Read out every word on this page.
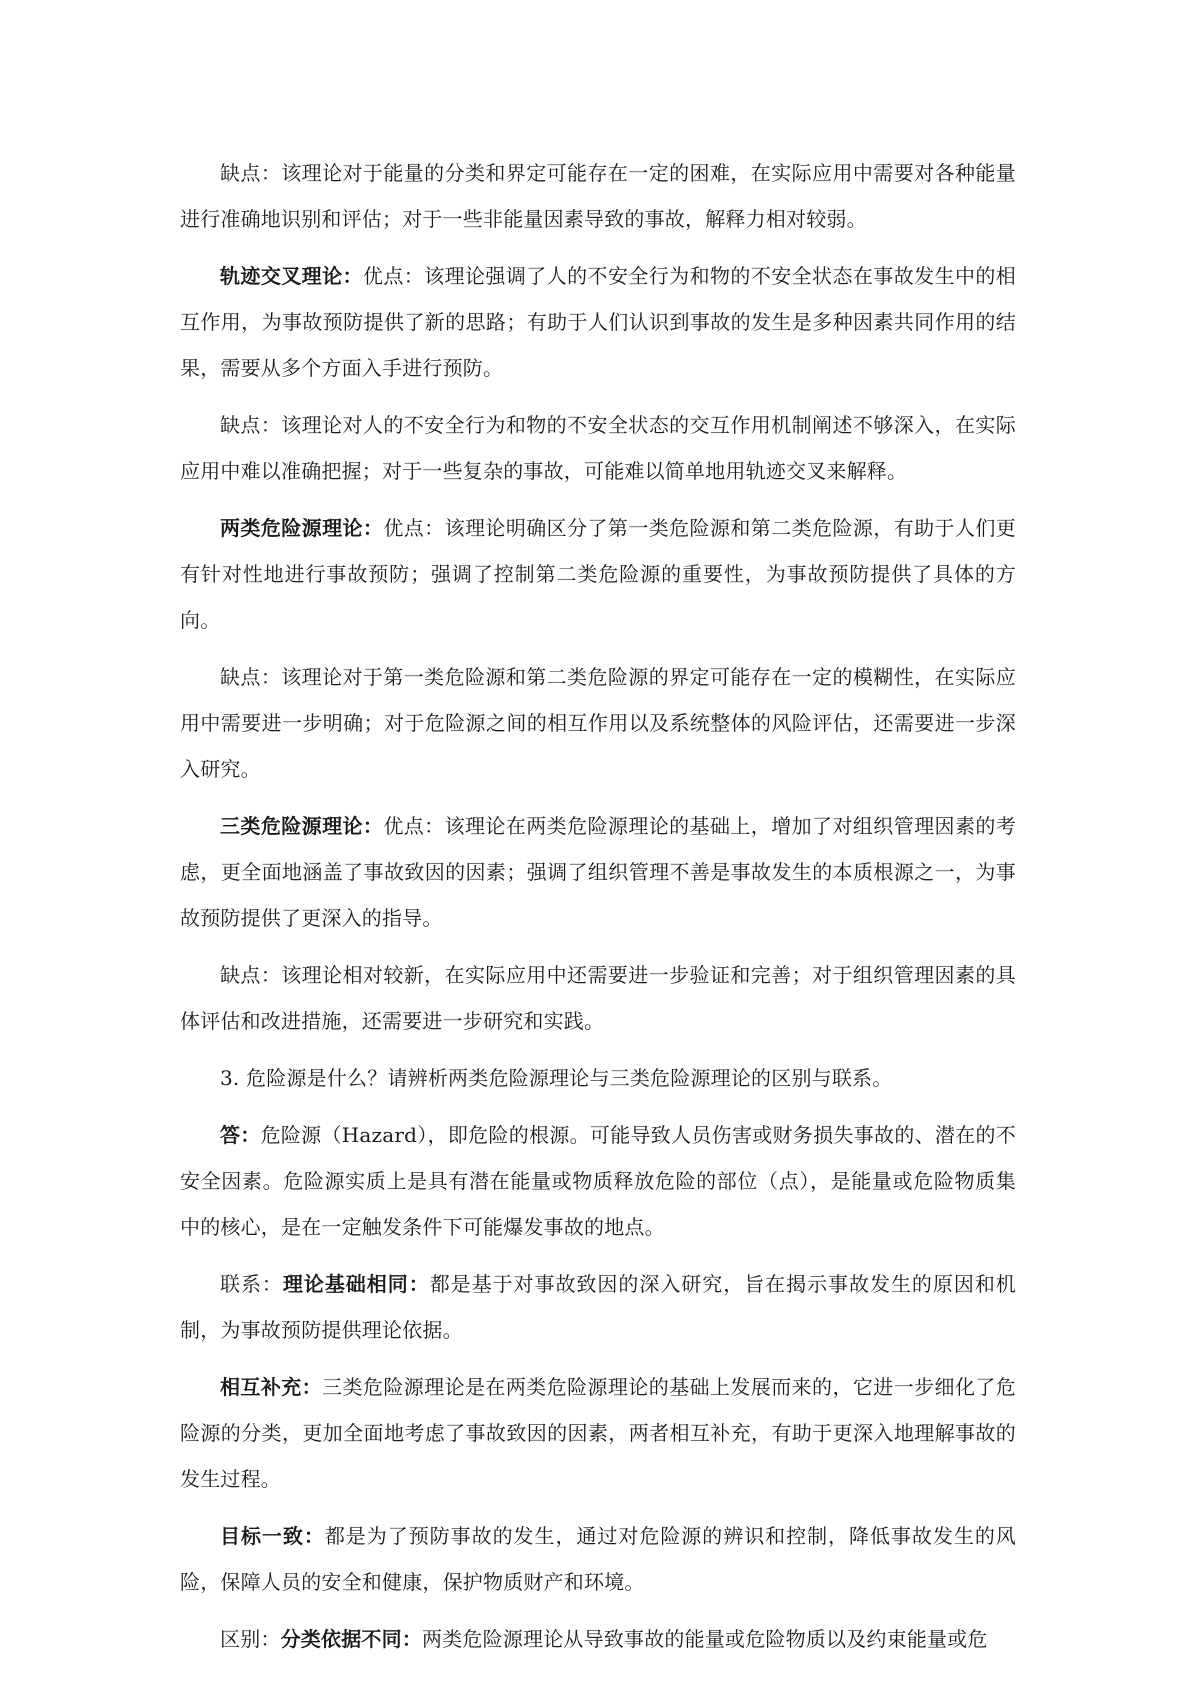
缺点：该理论对于能量的分类和界定可能存在一定的困难，在实际应用中需要对各种能量进行准确地识别和评估；对于一些非能量因素导致的事故，解释力相对较弱。

轨迹交叉理论：优点：该理论强调了人的不安全行为和物的不安全状态在事故发生中的相互作用，为事故预防提供了新的思路；有助于人们认识到事故的发生是多种因素共同作用的结果，需要从多个方面入手进行预防。

缺点：该理论对人的不安全行为和物的不安全状态的交互作用机制阐述不够深入，在实际应用中难以准确把握；对于一些复杂的事故，可能难以简单地用轨迹交叉来解释。

两类危险源理论：优点：该理论明确区分了第一类危险源和第二类危险源，有助于人们更有针对性地进行事故预防；强调了控制第二类危险源的重要性，为事故预防提供了具体的方向。

缺点：该理论对于第一类危险源和第二类危险源的界定可能存在一定的模糊性，在实际应用中需要进一步明确；对于危险源之间的相互作用以及系统整体的风险评估，还需要进一步深入研究。

三类危险源理论：优点：该理论在两类危险源理论的基础上，增加了对组织管理因素的考虑，更全面地涵盖了事故致因的因素；强调了组织管理不善是事故发生的本质根源之一，为事故预防提供了更深入的指导。

缺点：该理论相对较新，在实际应用中还需要进一步验证和完善；对于组织管理因素的具体评估和改进措施，还需要进一步研究和实践。

3. 危险源是什么？请辨析两类危险源理论与三类危险源理论的区别与联系。

答：危险源（Hazard），即危险的根源。可能导致人员伤害或财务损失事故的、潜在的不安全因素。危险源实质上是具有潜在能量或物质释放危险的部位（点），是能量或危险物质集中的核心，是在一定触发条件下可能爆发事故的地点。

联系：理论基础相同：都是基于对事故致因的深入研究，旨在揭示事故发生的原因和机制，为事故预防提供理论依据。

相互补充：三类危险源理论是在两类危险源理论的基础上发展而来的，它进一步细化了危险源的分类，更加全面地考虑了事故致因的因素，两者相互补充，有助于更深入地理解事故的发生过程。

目标一致：都是为了预防事故的发生，通过对危险源的辨识和控制，降低事故发生的风险，保障人员的安全和健康，保护物质财产和环境。

区别：分类依据不同：两类危险源理论从导致事故的能量或危险物质以及约束能量或危
